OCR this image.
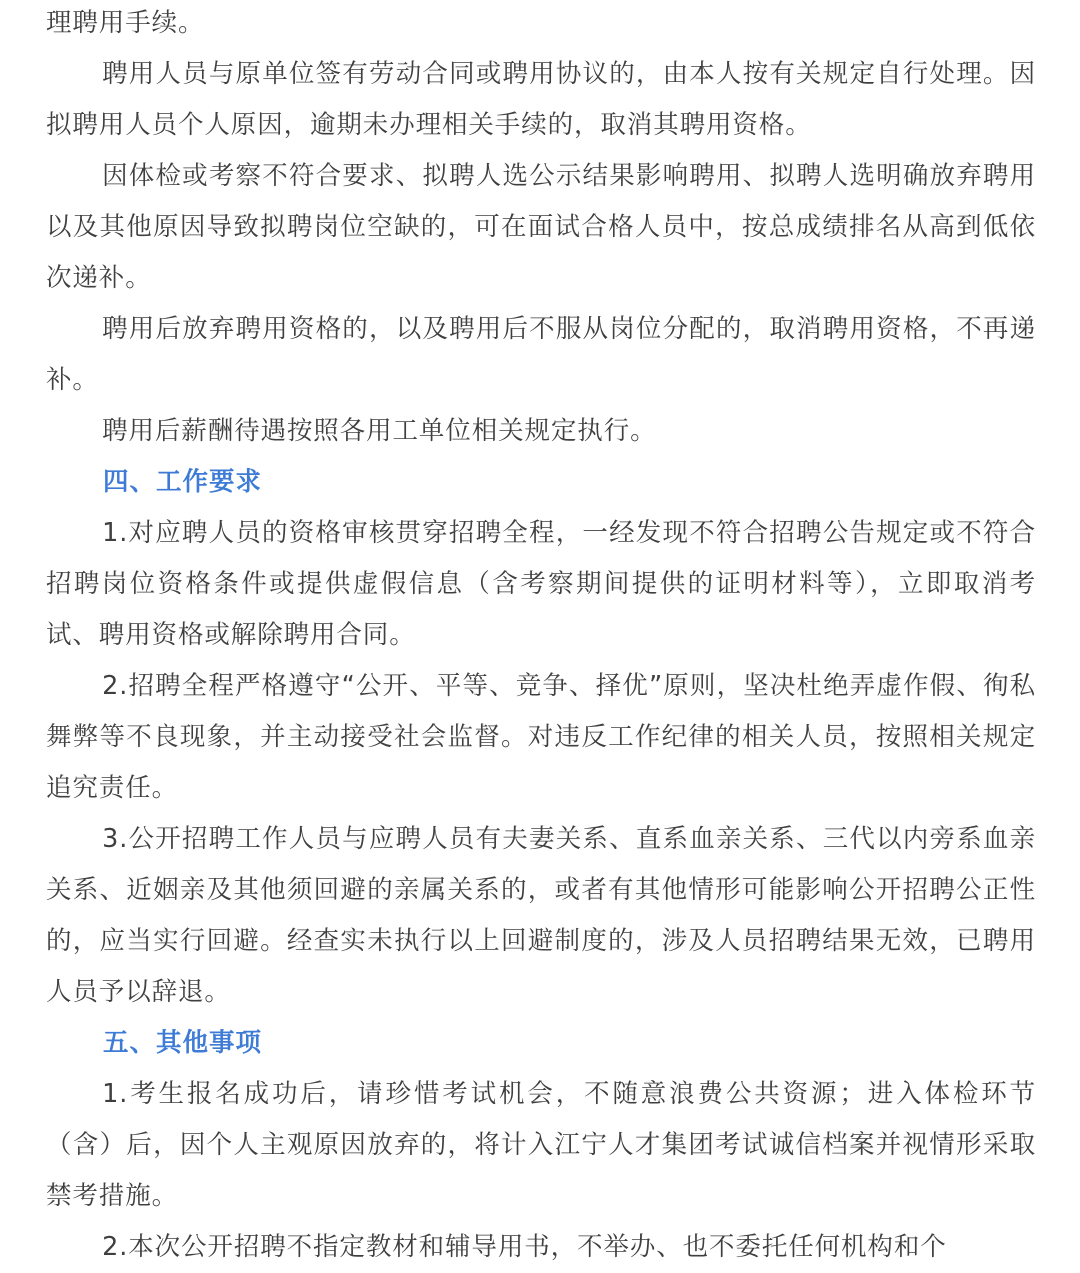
理聘用手续。

聘用人员与原单位签有劳动合同或聘用协议的，由本人按有关规定自行处理。因拟聘用人员个人原因，逾期未办理相关手续的，取消其聘用资格。

因体检或考察不符合要求、拟聘人选公示结果影响聘用、拟聘人选明确放弃聘用以及其他原因导致拟聘岗位空缺的，可在面试合格人员中，按总成绩排名从高到低依次递补。

聘用后放弃聘用资格的，以及聘用后不服从岗位分配的，取消聘用资格，不再递补。

聘用后薪酬待遇按照各用工单位相关规定执行。

四、工作要求

1.对应聘人员的资格审核贯穿招聘全程，一经发现不符合招聘公告规定或不符合招聘岗位资格条件或提供虚假信息（含考察期间提供的证明材料等），立即取消考试、聘用资格或解除聘用合同。

2.招聘全程严格遵守“公开、平等、竞争、择优”原则，坚决杜绝弄虚作假、徇私舞弊等不良现象，并主动接受社会监督。对违反工作纪律的相关人员，按照相关规定追究责任。

3.公开招聘工作人员与应聘人员有夫妻关系、直系血亲关系、三代以内旁系血亲关系、近姻亲及其他须回避的亲属关系的，或者有其他情形可能影响公开招聘公正性的，应当实行回避。经查实未执行以上回避制度的，涉及人员招聘结果无效，已聘用人员予以辞退。

五、其他事项

1.考生报名成功后，请珍惜考试机会，不随意浪费公共资源；进入体检环节（含）后，因个人主观原因放弃的，将计入江宁人才集团考试诚信档案并视情形采取禁考措施。

2.本次公开招聘不指定教材和辅导用书，不举办、也不委托任何机构和个
